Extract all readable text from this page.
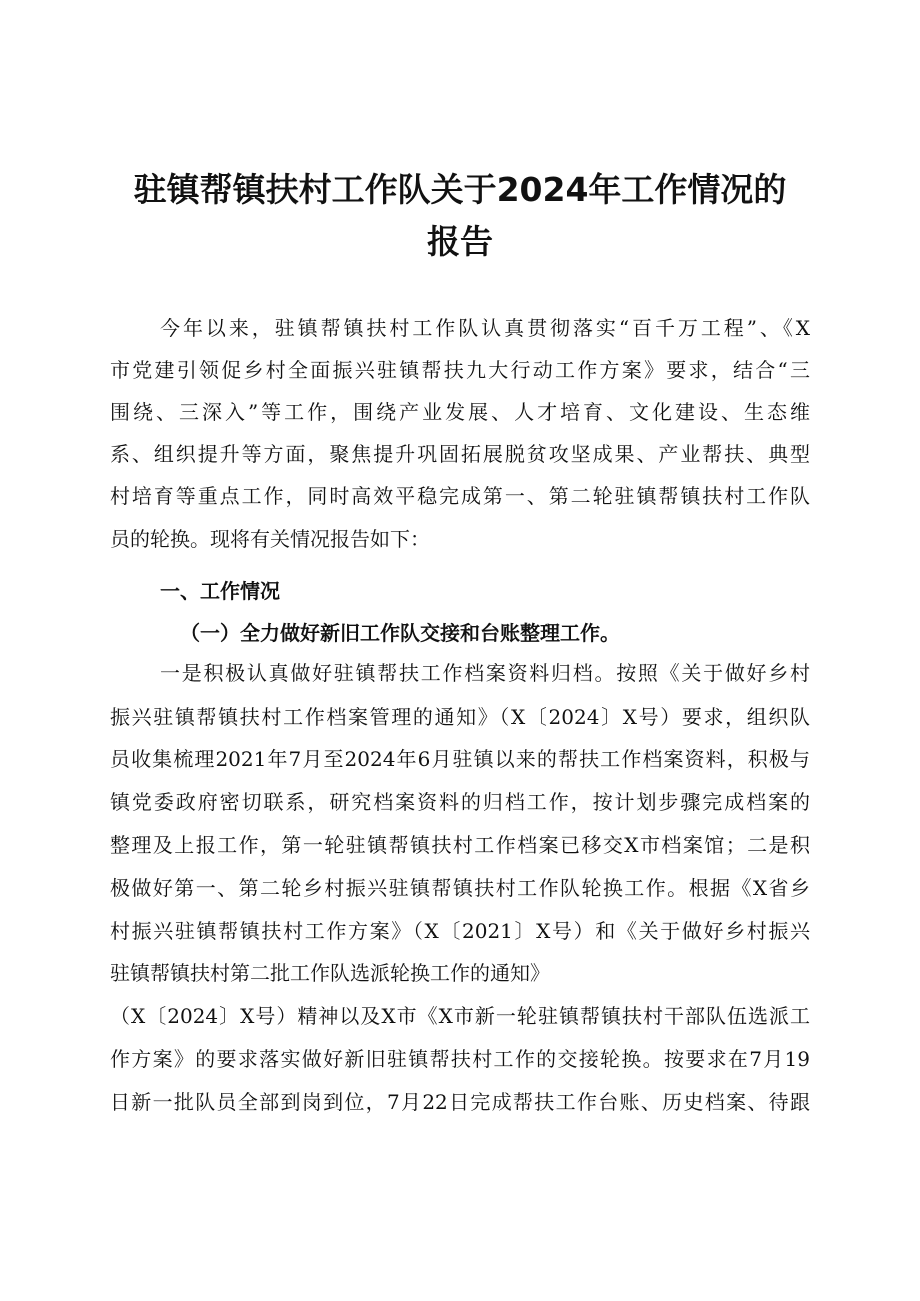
驻镇帮镇扶村工作队关于2024年工作情况的
报告
今年以来，驻镇帮镇扶村工作队认真贯彻落实“百千万工程”、《X
市党建引领促乡村全面振兴驻镇帮扶九大行动工作方案》要求，结合“三
围绕、三深入”等工作，围绕产业发展、人才培育、文化建设、生态维
系、组织提升等方面，聚焦提升巩固拓展脱贫攻坚成果、产业帮扶、典型
村培育等重点工作，同时高效平稳完成第一、第二轮驻镇帮镇扶村工作队
员的轮换。现将有关情况报告如下：
一、工作情况
（一）全力做好新旧工作队交接和台账整理工作。
一是积极认真做好驻镇帮扶工作档案资料归档。按照《关于做好乡村
振兴驻镇帮镇扶村工作档案管理的通知》（X〔2024〕X号）要求，组织队
员收集梳理2021年7月至2024年6月驻镇以来的帮扶工作档案资料，积极与
镇党委政府密切联系，研究档案资料的归档工作，按计划步骤完成档案的
整理及上报工作，第一轮驻镇帮镇扶村工作档案已移交X市档案馆；二是积
极做好第一、第二轮乡村振兴驻镇帮镇扶村工作队轮换工作。根据《X省乡
村振兴驻镇帮镇扶村工作方案》（X〔2021〕X号）和《关于做好乡村振兴
驻镇帮镇扶村第二批工作队选派轮换工作的通知》
（X〔2024〕X号）精神以及X市《X市新一轮驻镇帮镇扶村干部队伍选派工
作方案》的要求落实做好新旧驻镇帮扶村工作的交接轮换。按要求在7月19
日新一批队员全部到岗到位，7月22日完成帮扶工作台账、历史档案、待跟
